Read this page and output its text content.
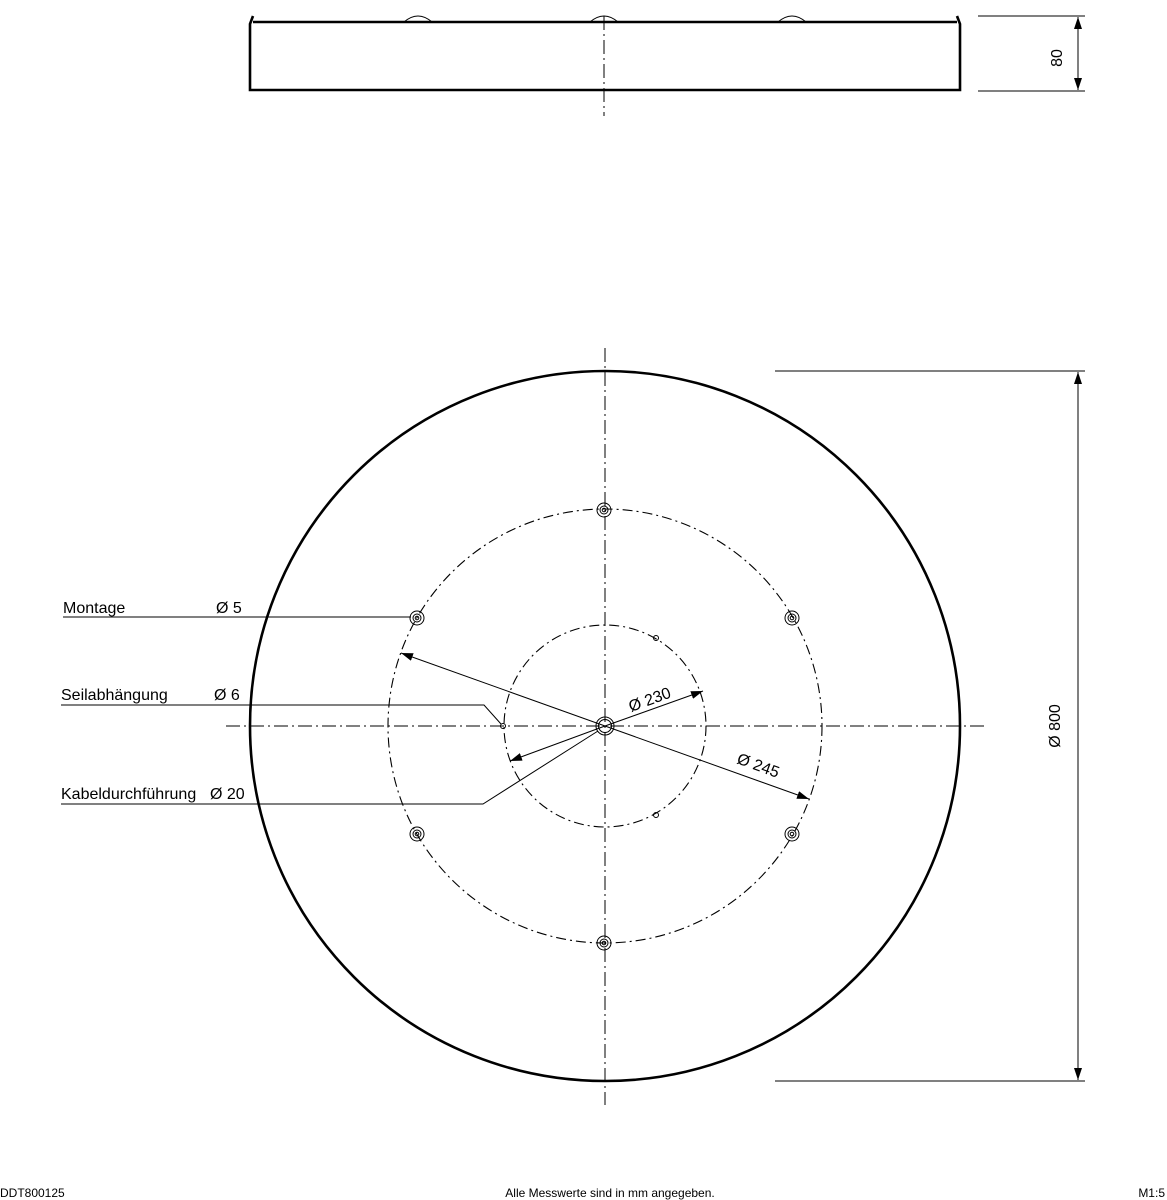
80
Ø 230
Ø 245
Ø 800
Montage	Ø 5
Seilabhängung	Ø 6
Kabeldurchführung Ø 20
DDT800125	Alle Messwerte sind in mm angegeben.	M1:5
